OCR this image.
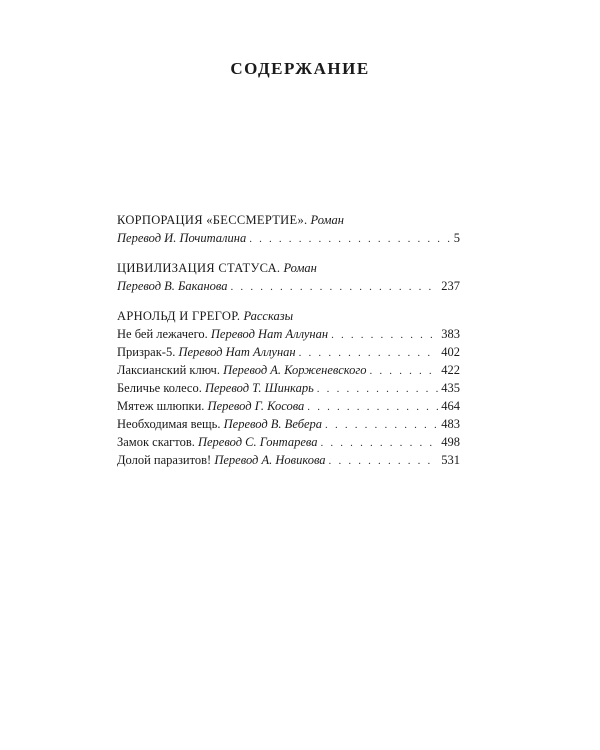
СОДЕРЖАНИЕ
КОРПОРАЦИЯ «БЕССМЕРТИЕ». Роман
Перевод И. Почиталина . . .	5
ЦИВИЛИЗАЦИЯ СТАТУСА. Роман
Перевод В. Баканова . . .	237
АРНОЛЬД И ГРЕГОР. Рассказы
Не бей лежачего. Перевод Нат Аллунан . . .	383
Призрак-5. Перевод Нат Аллунан . . .	402
Лаксианский ключ. Перевод А. Корженевского . . .	422
Беличье колесо. Перевод Т. Шинкарь . . .	435
Мятеж шлюпки. Перевод Г. Косова . . .	464
Необходимая вещь. Перевод В. Вебера . . .	483
Замок скагтов. Перевод С. Гонтарева . . .	498
Долой паразитов! Перевод А. Новикова . . .	531
